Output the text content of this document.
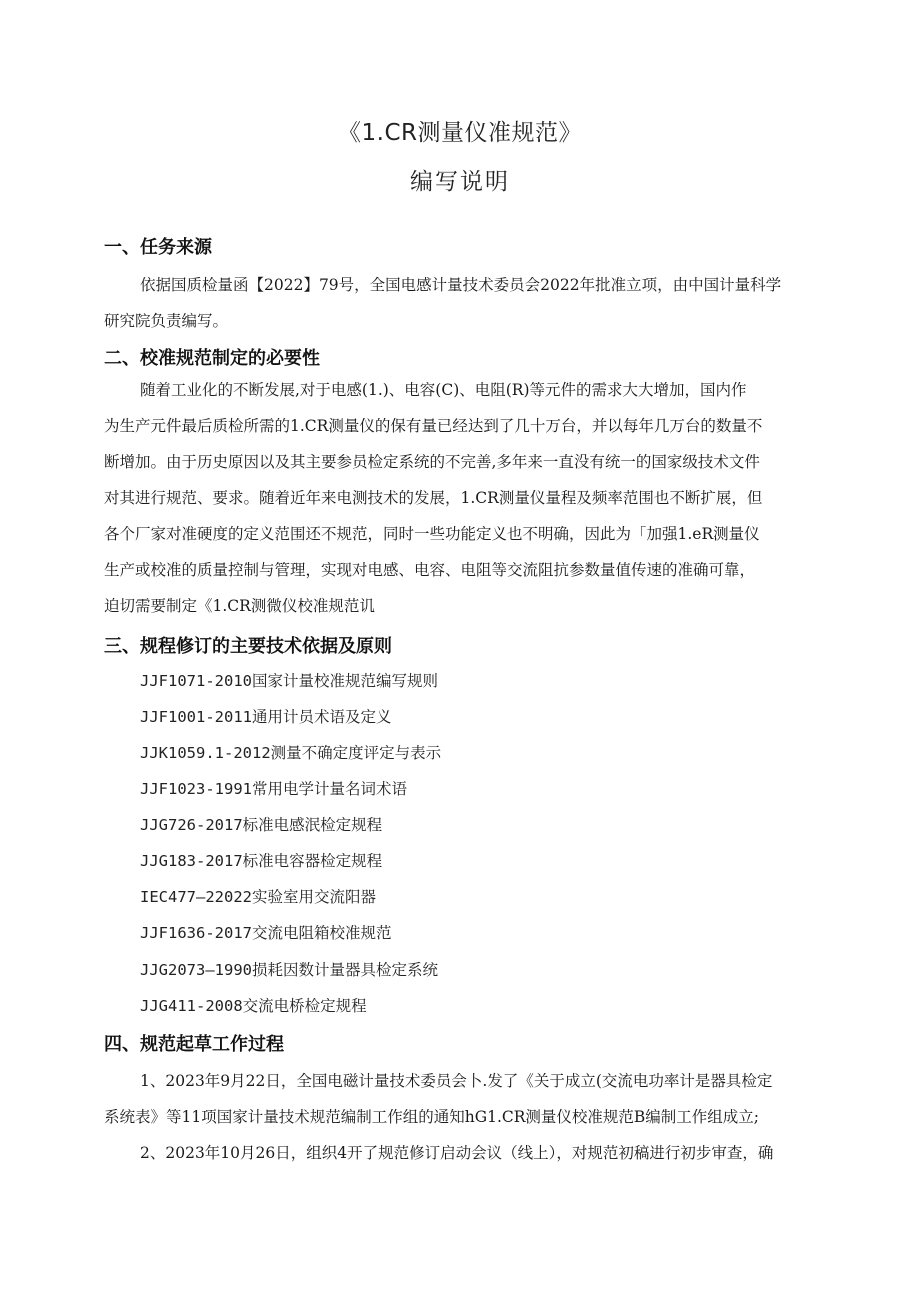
《1.CR测量仪准规范》
编写说明
一、任务来源
依据国质检量函【2022】79号，全国电感计量技术委员会2022年批准立项，由中国计量科学
研究院负责编写。
二、校准规范制定的必要性
随着工业化的不断发展,对于电感(1.)、电容(C)、电阻(R)等元件的需求大大增加，国内作
为生产元件最后质检所需的1.CR测量仪的保有量已经达到了几十万台，并以每年几万台的数量不
断增加。由于历史原因以及其主要参员检定系统的不完善,多年来一直没有统一的国家级技术文件
对其进行规范、要求。随着近年来电测技术的发展，1.CR测量仪量程及频率范围也不断扩展，但
各个厂家对准硬度的定义范围还不规范，同时一些功能定义也不明确，因此为「加强1.eR测量仪
生产或校准的质量控制与管理，实现对电感、电容、电阻等交流阻抗参数量值传速的准确可靠，
迫切需要制定《1.CR测微仪校准规范讥
三、规程修订的主要技术依据及原则
JJF1071-2010国家计量校准规范编写规则
JJF1001-2011通用计员术语及定义
JJK1059.1-2012测量不确定度评定与表示
JJF1023-1991常用电学计量名词术语
JJG726-2017标准电感泯检定规程
JJG183-2017标准电容器检定规程
IEC477—22022实验室用交流阳器
JJF1636-2017交流电阻箱校准规范
JJG2073—1990损耗因数计量器具检定系统
JJG411-2008交流电桥检定规程
四、规范起草工作过程
1、2023年9月22日，全国电磁计量技术委员会卜.发了《关于成立(交流电功率计是器具检定
系统表》等11项国家计量技术规范编制工作组的通知hG1.CR测量仪校准规范B编制工作组成立;
2、2023年10月26日，组织4开了规范修订启动会议（线上），对规范初稿进行初步审查，确
